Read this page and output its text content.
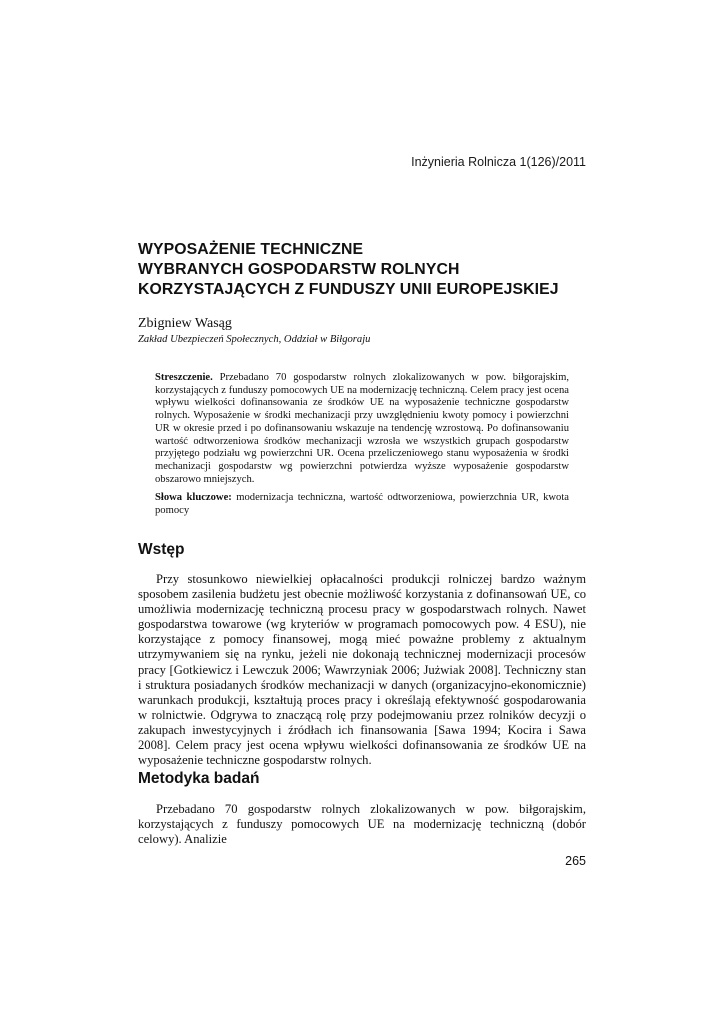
Inżynieria Rolnicza 1(126)/2011
WYPOSAŻENIE TECHNICZNE
WYBRANYCH GOSPODARSTW ROLNYCH
KORZYSTAJĄCYCH Z FUNDUSZY UNII EUROPEJSKIEJ
Zbigniew Wasąg
Zakład Ubezpieczeń Społecznych, Oddział w Biłgoraju

Streszczenie. Przebadano 70 gospodarstw rolnych zlokalizowanych w pow. biłgorajskim, korzystających z funduszy pomocowych UE na modernizację techniczną. Celem pracy jest ocena wpływu wielkości dofinansowania ze środków UE na wyposażenie techniczne gospodarstw rolnych. Wyposażenie w środki mechanizacji przy uwzględnieniu kwoty pomocy i powierzchni UR w okresie przed i po dofinansowaniu wskazuje na tendencję wzrostową. Po dofinansowaniu wartość odtworzeniowa środków mechanizacji wzrosła we wszystkich grupach gospodarstw przyjętego podziału wg powierzchni UR. Ocena przeliczeniowego stanu wyposażenia w środki mechanizacji gospodarstw wg powierzchni potwierdza wyższe wyposażenie gospodarstw obszarowo mniejszych.

Słowa kluczowe: modernizacja techniczna, wartość odtworzeniowa, powierzchnia UR, kwota pomocy

Wstęp

Przy stosunkowo niewielkiej opłacalności produkcji rolniczej bardzo ważnym sposobem zasilenia budżetu jest obecnie możliwość korzystania z dofinansowań UE, co umożliwia modernizację techniczną procesu pracy w gospodarstwach rolnych. Nawet gospodarstwa towarowe (wg kryteriów w programach pomocowych pow. 4 ESU), nie korzystające z pomocy finansowej, mogą mieć poważne problemy z aktualnym utrzymywaniem się na rynku, jeżeli nie dokonają technicznej modernizacji procesów pracy [Gotkiewicz i Lewczuk 2006; Wawrzyniak 2006; Jużwiak 2008]. Techniczny stan i struktura posiadanych środków mechanizacji w danych (organizacyjno-ekonomicznie) warunkach produkcji, kształtują proces pracy i określają efektywność gospodarowania w rolnictwie. Odgrywa to znaczącą rolę przy podejmowaniu przez rolników decyzji o zakupach inwestycyjnych i źródłach ich finansowania [Sawa 1994; Kocira i Sawa 2008]. Celem pracy jest ocena wpływu wielkości dofinansowania ze środków UE na wyposażenie techniczne gospodarstw rolnych.

Metodyka badań

Przebadano 70 gospodarstw rolnych zlokalizowanych w pow. biłgorajskim, korzystających z funduszy pomocowych UE na modernizację techniczną (dobór celowy). Analizie

265
